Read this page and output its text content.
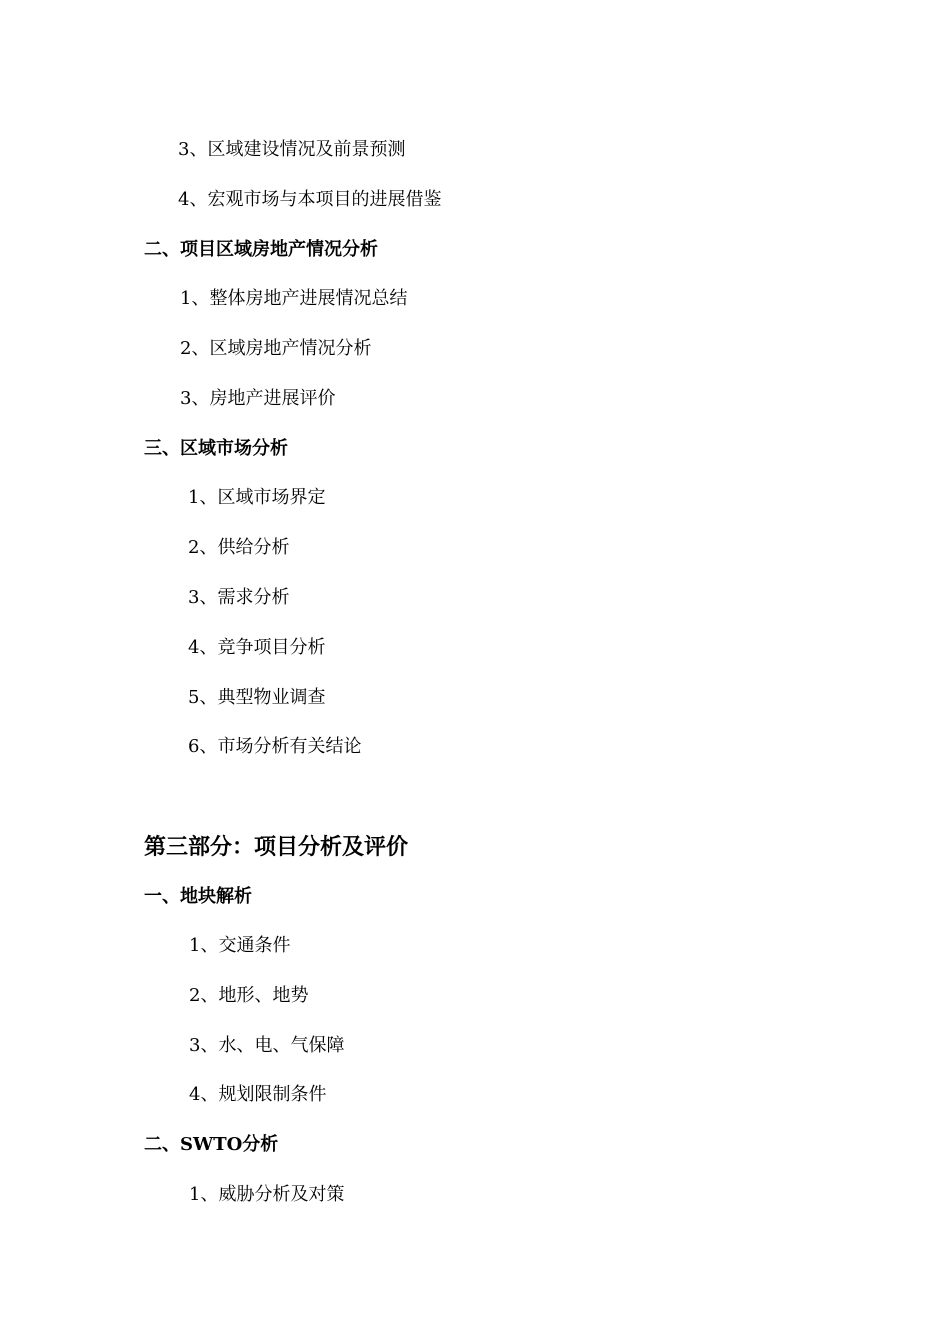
3、区域建设情况及前景预测
4、宏观市场与本项目的进展借鉴
二、项目区域房地产情况分析
1、整体房地产进展情况总结
2、区域房地产情况分析
3、房地产进展评价
三、区域市场分析
1、区域市场界定
2、供给分析
3、需求分析
4、竞争项目分析
5、典型物业调查
6、市场分析有关结论
第三部分：项目分析及评价
一、地块解析
1、交通条件
2、地形、地势
3、水、电、气保障
4、规划限制条件
二、SWTO分析
1、威胁分析及对策
